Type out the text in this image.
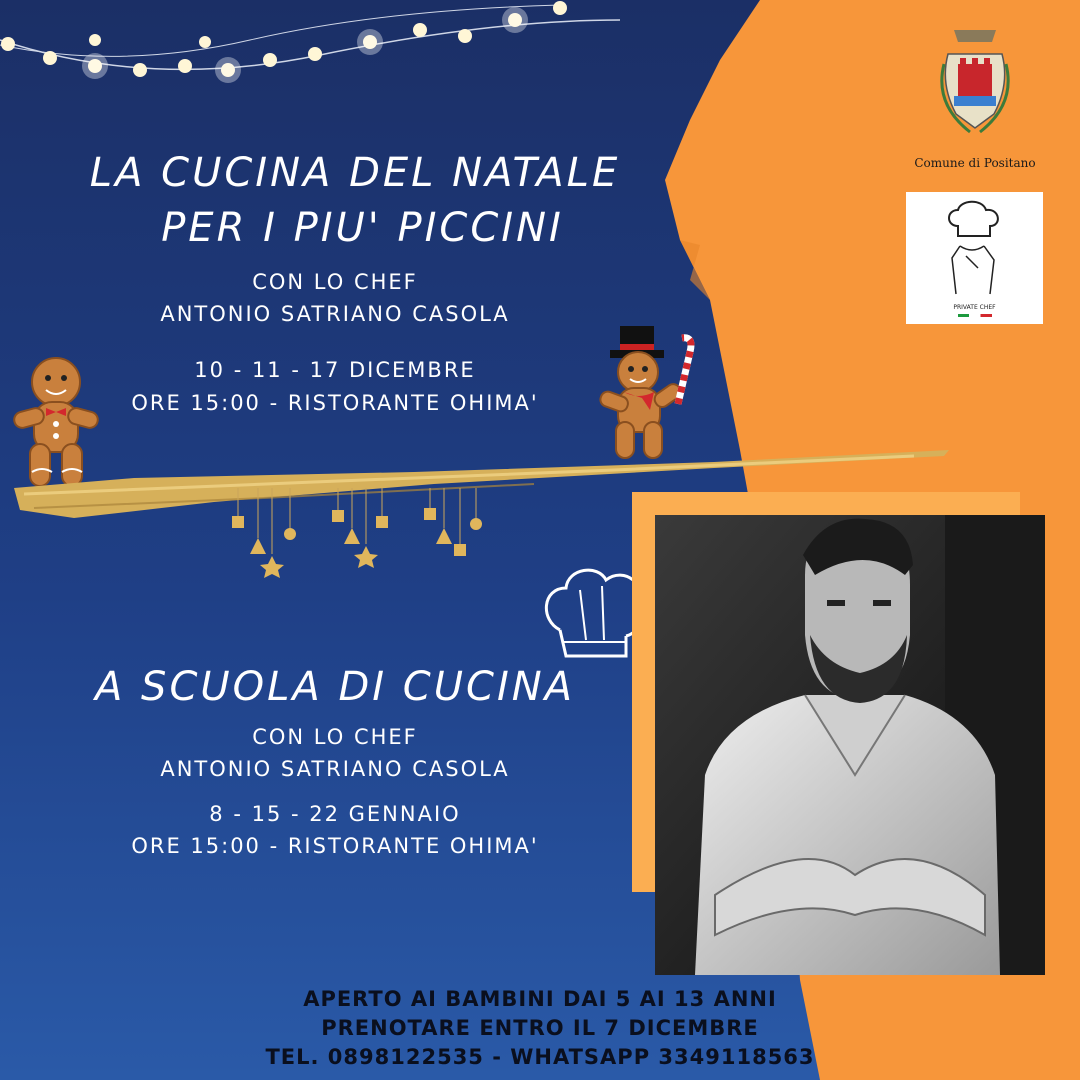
LA CUCINA DEL NATALE
PER I PIU' PICCINI
CON LO CHEF
ANTONIO SATRIANO CASOLA
10 - 11 - 17 DICEMBRE
ORE 15:00 - RISTORANTE OHIMA'
A SCUOLA DI CUCINA
CON LO CHEF
ANTONIO SATRIANO CASOLA
8 - 15 - 22 GENNAIO
ORE 15:00 - RISTORANTE OHIMA'
Comune di Positano
PRIVATE CHEF
APERTO AI BAMBINI DAI 5 AI 13 ANNI
PRENOTARE ENTRO IL 7 DICEMBRE
TEL. 0898122535 - WHATSAPP 3349118563
